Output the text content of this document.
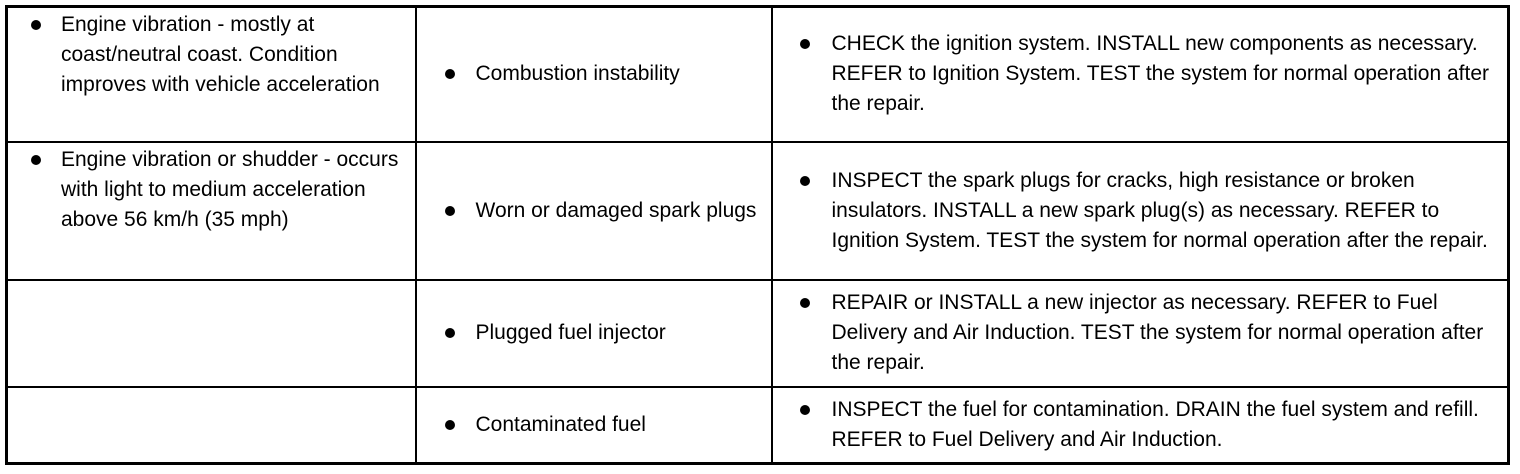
Engine vibration - mostly at coast/neutral coast. Condition improves with vehicle acceleration	Combustion instability	CHECK the ignition system. INSTALL new components as necessary. REFER to Ignition System. TEST the system for normal operation after the repair.

Engine vibration or shudder - occurs with light to medium acceleration above 56 km/h (35 mph)	Worn or damaged spark plugs	INSPECT the spark plugs for cracks, high resistance or broken insulators. INSTALL a new spark plug(s) as necessary. REFER to Ignition System. TEST the system for normal operation after the repair.

	Plugged fuel injector	REPAIR or INSTALL a new injector as necessary. REFER to Fuel Delivery and Air Induction. TEST the system for normal operation after the repair.

	Contaminated fuel	INSPECT the fuel for contamination. DRAIN the fuel system and refill. REFER to Fuel Delivery and Air Induction.
